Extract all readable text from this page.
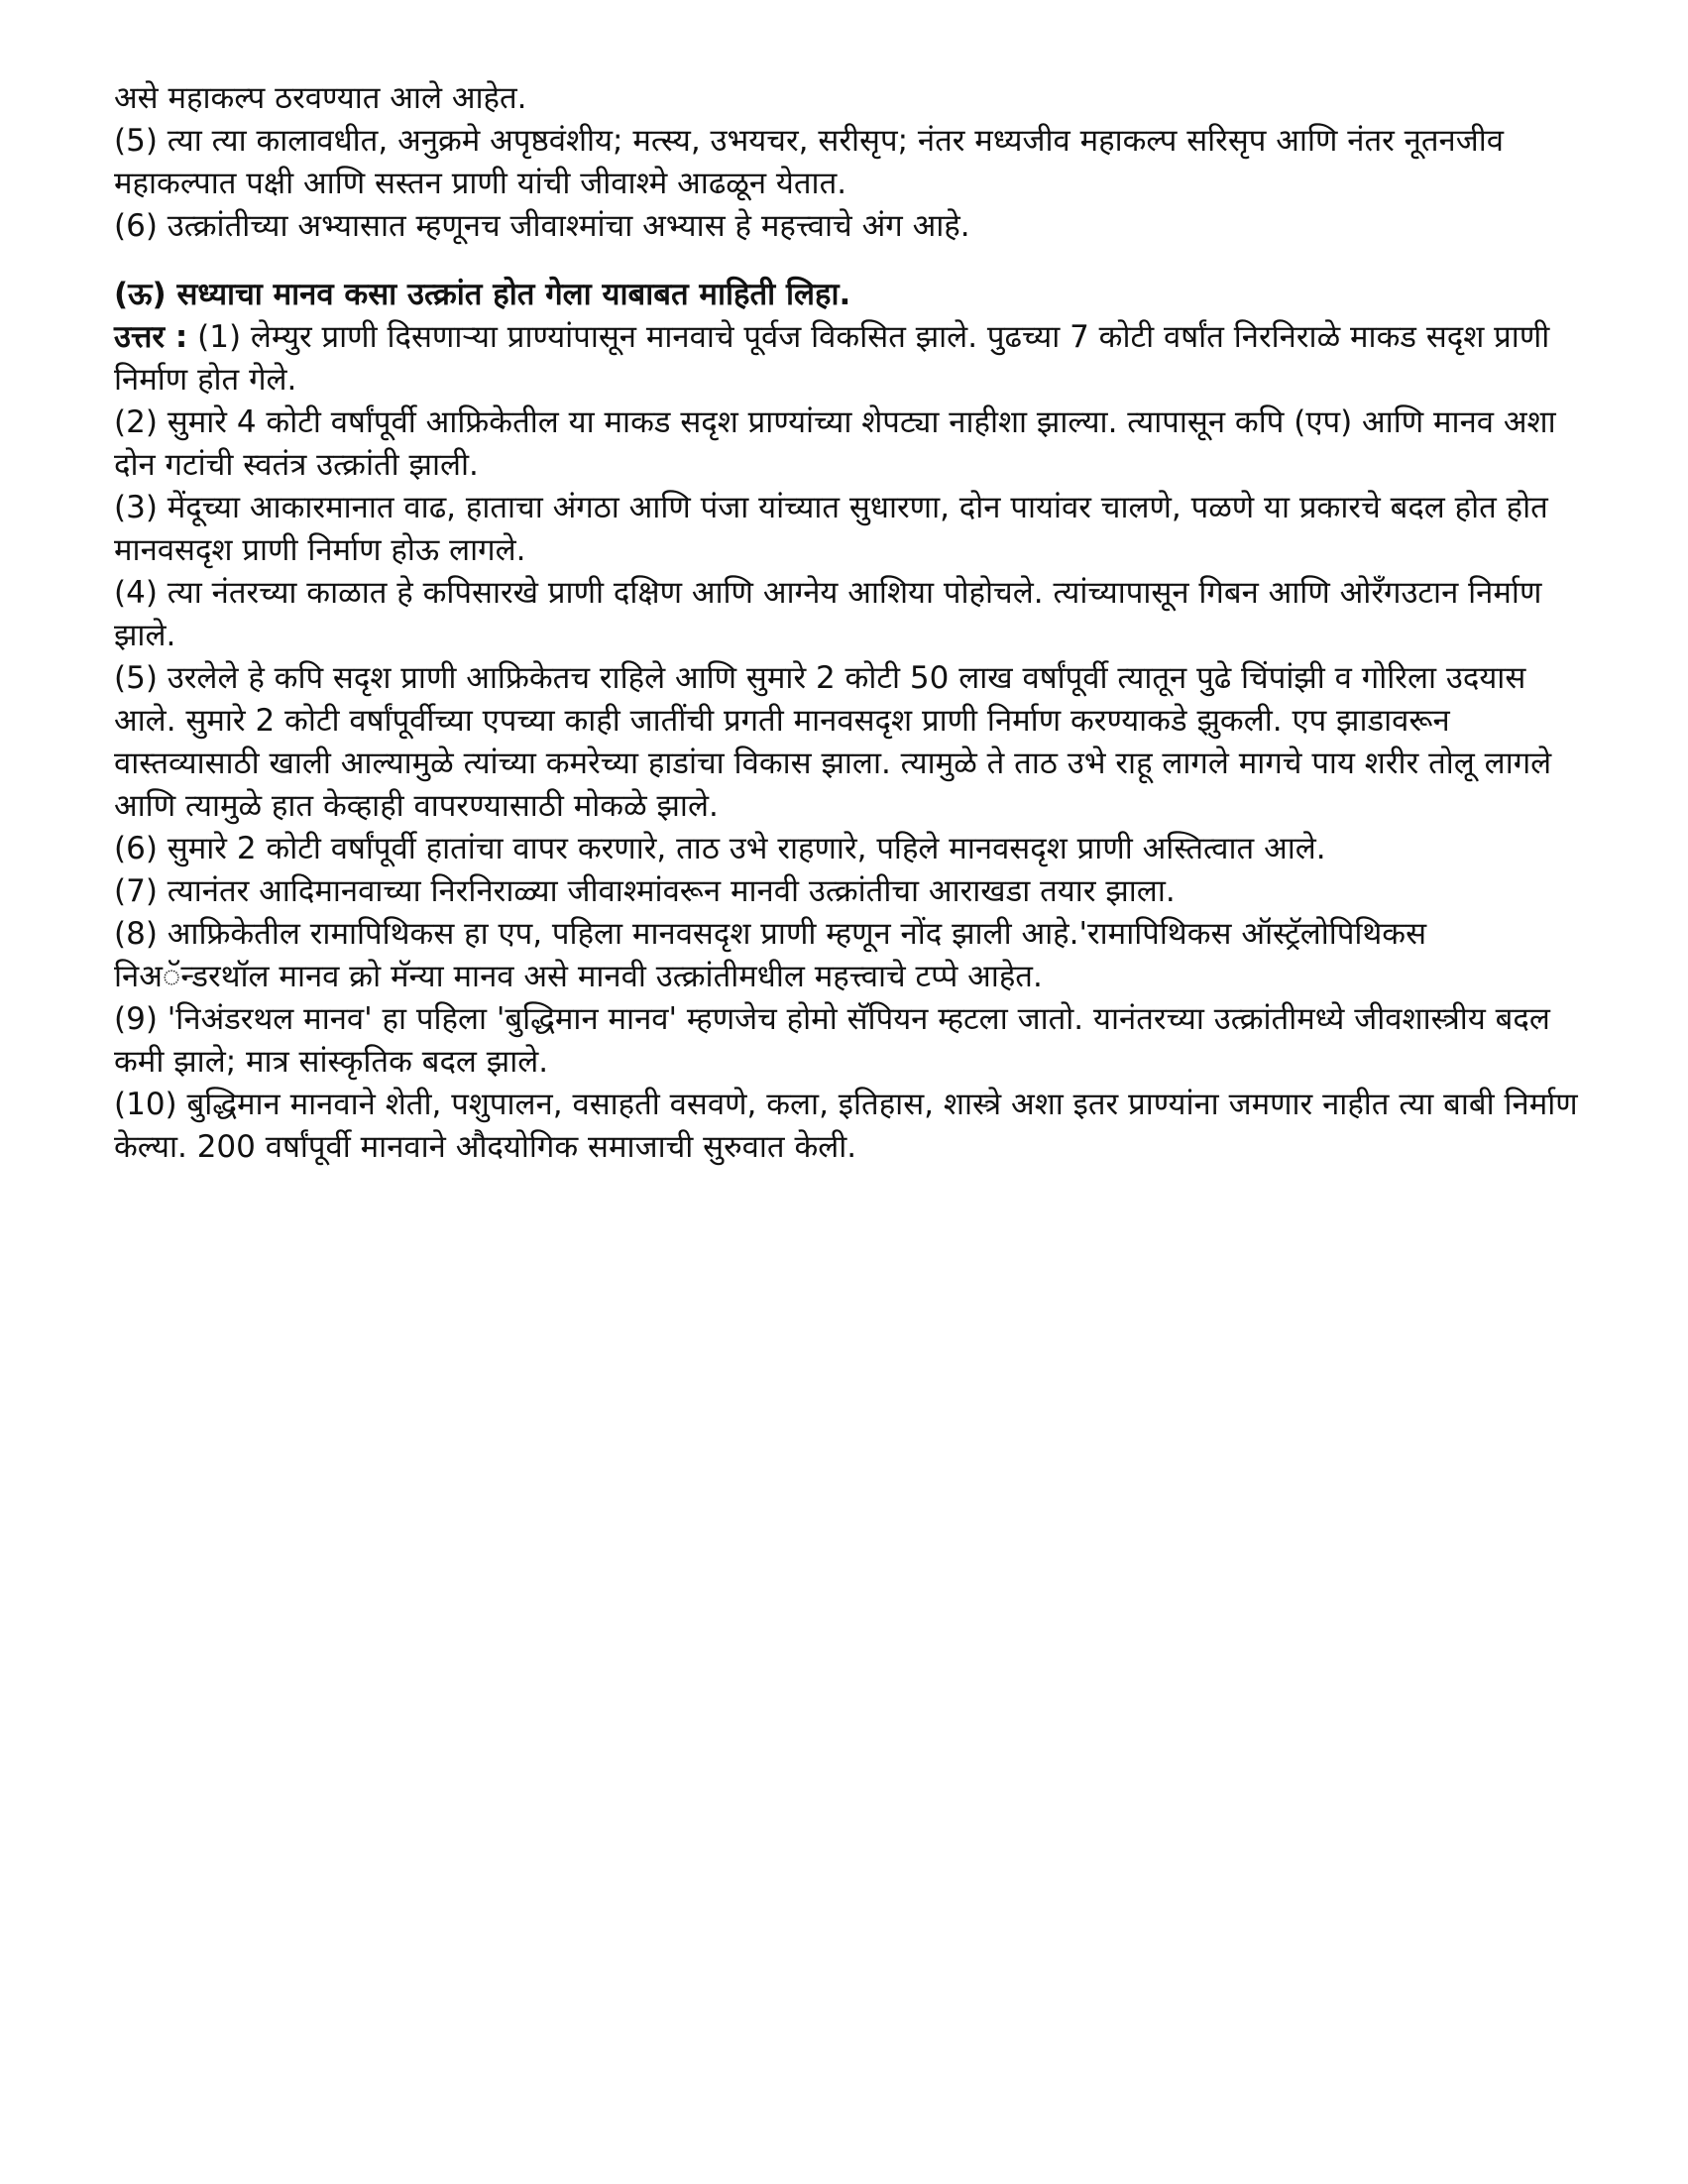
असे महाकल्प ठरवण्यात आले आहेत.

(5) त्या त्या कालावधीत, अनुक्रमे अपृष्ठवंशीय; मत्स्य, उभयचर, सरीसृप; नंतर मध्यजीव महाकल्प सरिसृप आणि नंतर नूतनजीव महाकल्पात पक्षी आणि सस्तन प्राणी यांची जीवाश्मे आढळून येतात.

(6) उत्क्रांतीच्या अभ्यासात म्हणूनच जीवाश्मांचा अभ्यास हे महत्त्वाचे अंग आहे.

(ऊ) सध्याचा मानव कसा उत्क्रांत होत गेला याबाबत माहिती लिहा.

उत्तर : (1) लेम्युर प्राणी दिसणाऱ्या प्राण्यांपासून मानवाचे पूर्वज विकसित झाले. पुढच्या 7 कोटी वर्षांत निरनिराळे माकड सदृश प्राणी निर्माण होत गेले.

(2) सुमारे 4 कोटी वर्षांपूर्वी आफ्रिकेतील या माकड सदृश प्राण्यांच्या शेपट्या नाहीशा झाल्या. त्यापासून कपि (एप) आणि मानव अशा दोन गटांची स्वतंत्र उत्क्रांती झाली.

(3) मेंदूच्या आकारमानात वाढ, हाताचा अंगठा आणि पंजा यांच्यात सुधारणा, दोन पायांवर चालणे, पळणे या प्रकारचे बदल होत होत मानवसदृश प्राणी निर्माण होऊ लागले.

(4) त्या नंतरच्या काळात हे कपिसारखे प्राणी दक्षिण आणि आग्नेय आशिया पोहोचले. त्यांच्यापासून गिबन आणि ओरँगउटान निर्माण झाले.

(5) उरलेले हे कपि सदृश प्राणी आफ्रिकेतच राहिले आणि सुमारे 2 कोटी 50 लाख वर्षांपूर्वी त्यातून पुढे चिंपांझी व गोरिला उदयास आले. सुमारे 2 कोटी वर्षांपूर्वीच्या एपच्या काही जातींची प्रगती मानवसदृश प्राणी निर्माण करण्याकडे झुकली. एप झाडावरून वास्तव्यासाठी खाली आल्यामुळे त्यांच्या कमरेच्या हाडांचा विकास झाला. त्यामुळे ते ताठ उभे राहू लागले मागचे पाय शरीर तोलू लागले आणि त्यामुळे हात केव्हाही वापरण्यासाठी मोकळे झाले.

(6) सुमारे 2 कोटी वर्षांपूर्वी हातांचा वापर करणारे, ताठ उभे राहणारे, पहिले मानवसदृश प्राणी अस्तित्वात आले.

(7) त्यानंतर आदिमानवाच्या निरनिराळ्या जीवाश्मांवरून मानवी उत्क्रांतीचा आराखडा तयार झाला.

(8) आफ्रिकेतील रामापिथिकस हा एप, पहिला मानवसदृश प्राणी म्हणून नोंद झाली आहे.'रामापिथिकस ऑस्ट्रॅलोपिथिकस निअॅन्डरथॉल मानव क्रो मॅन्या मानव असे मानवी उत्क्रांतीमधील महत्त्वाचे टप्पे आहेत.

(9) 'निअंडरथल मानव' हा पहिला 'बुद्धिमान मानव' म्हणजेच होमो सॅपियन म्हटला जातो. यानंतरच्या उत्क्रांतीमध्ये जीवशास्त्रीय बदल कमी झाले; मात्र सांस्कृतिक बदल झाले.

(10) बुद्धिमान मानवाने शेती, पशुपालन, वसाहती वसवणे, कला, इतिहास, शास्त्रे अशा इतर प्राण्यांना जमणार नाहीत त्या बाबी निर्माण केल्या. 200 वर्षांपूर्वी मानवाने औदयोगिक समाजाची सुरुवात केली.
